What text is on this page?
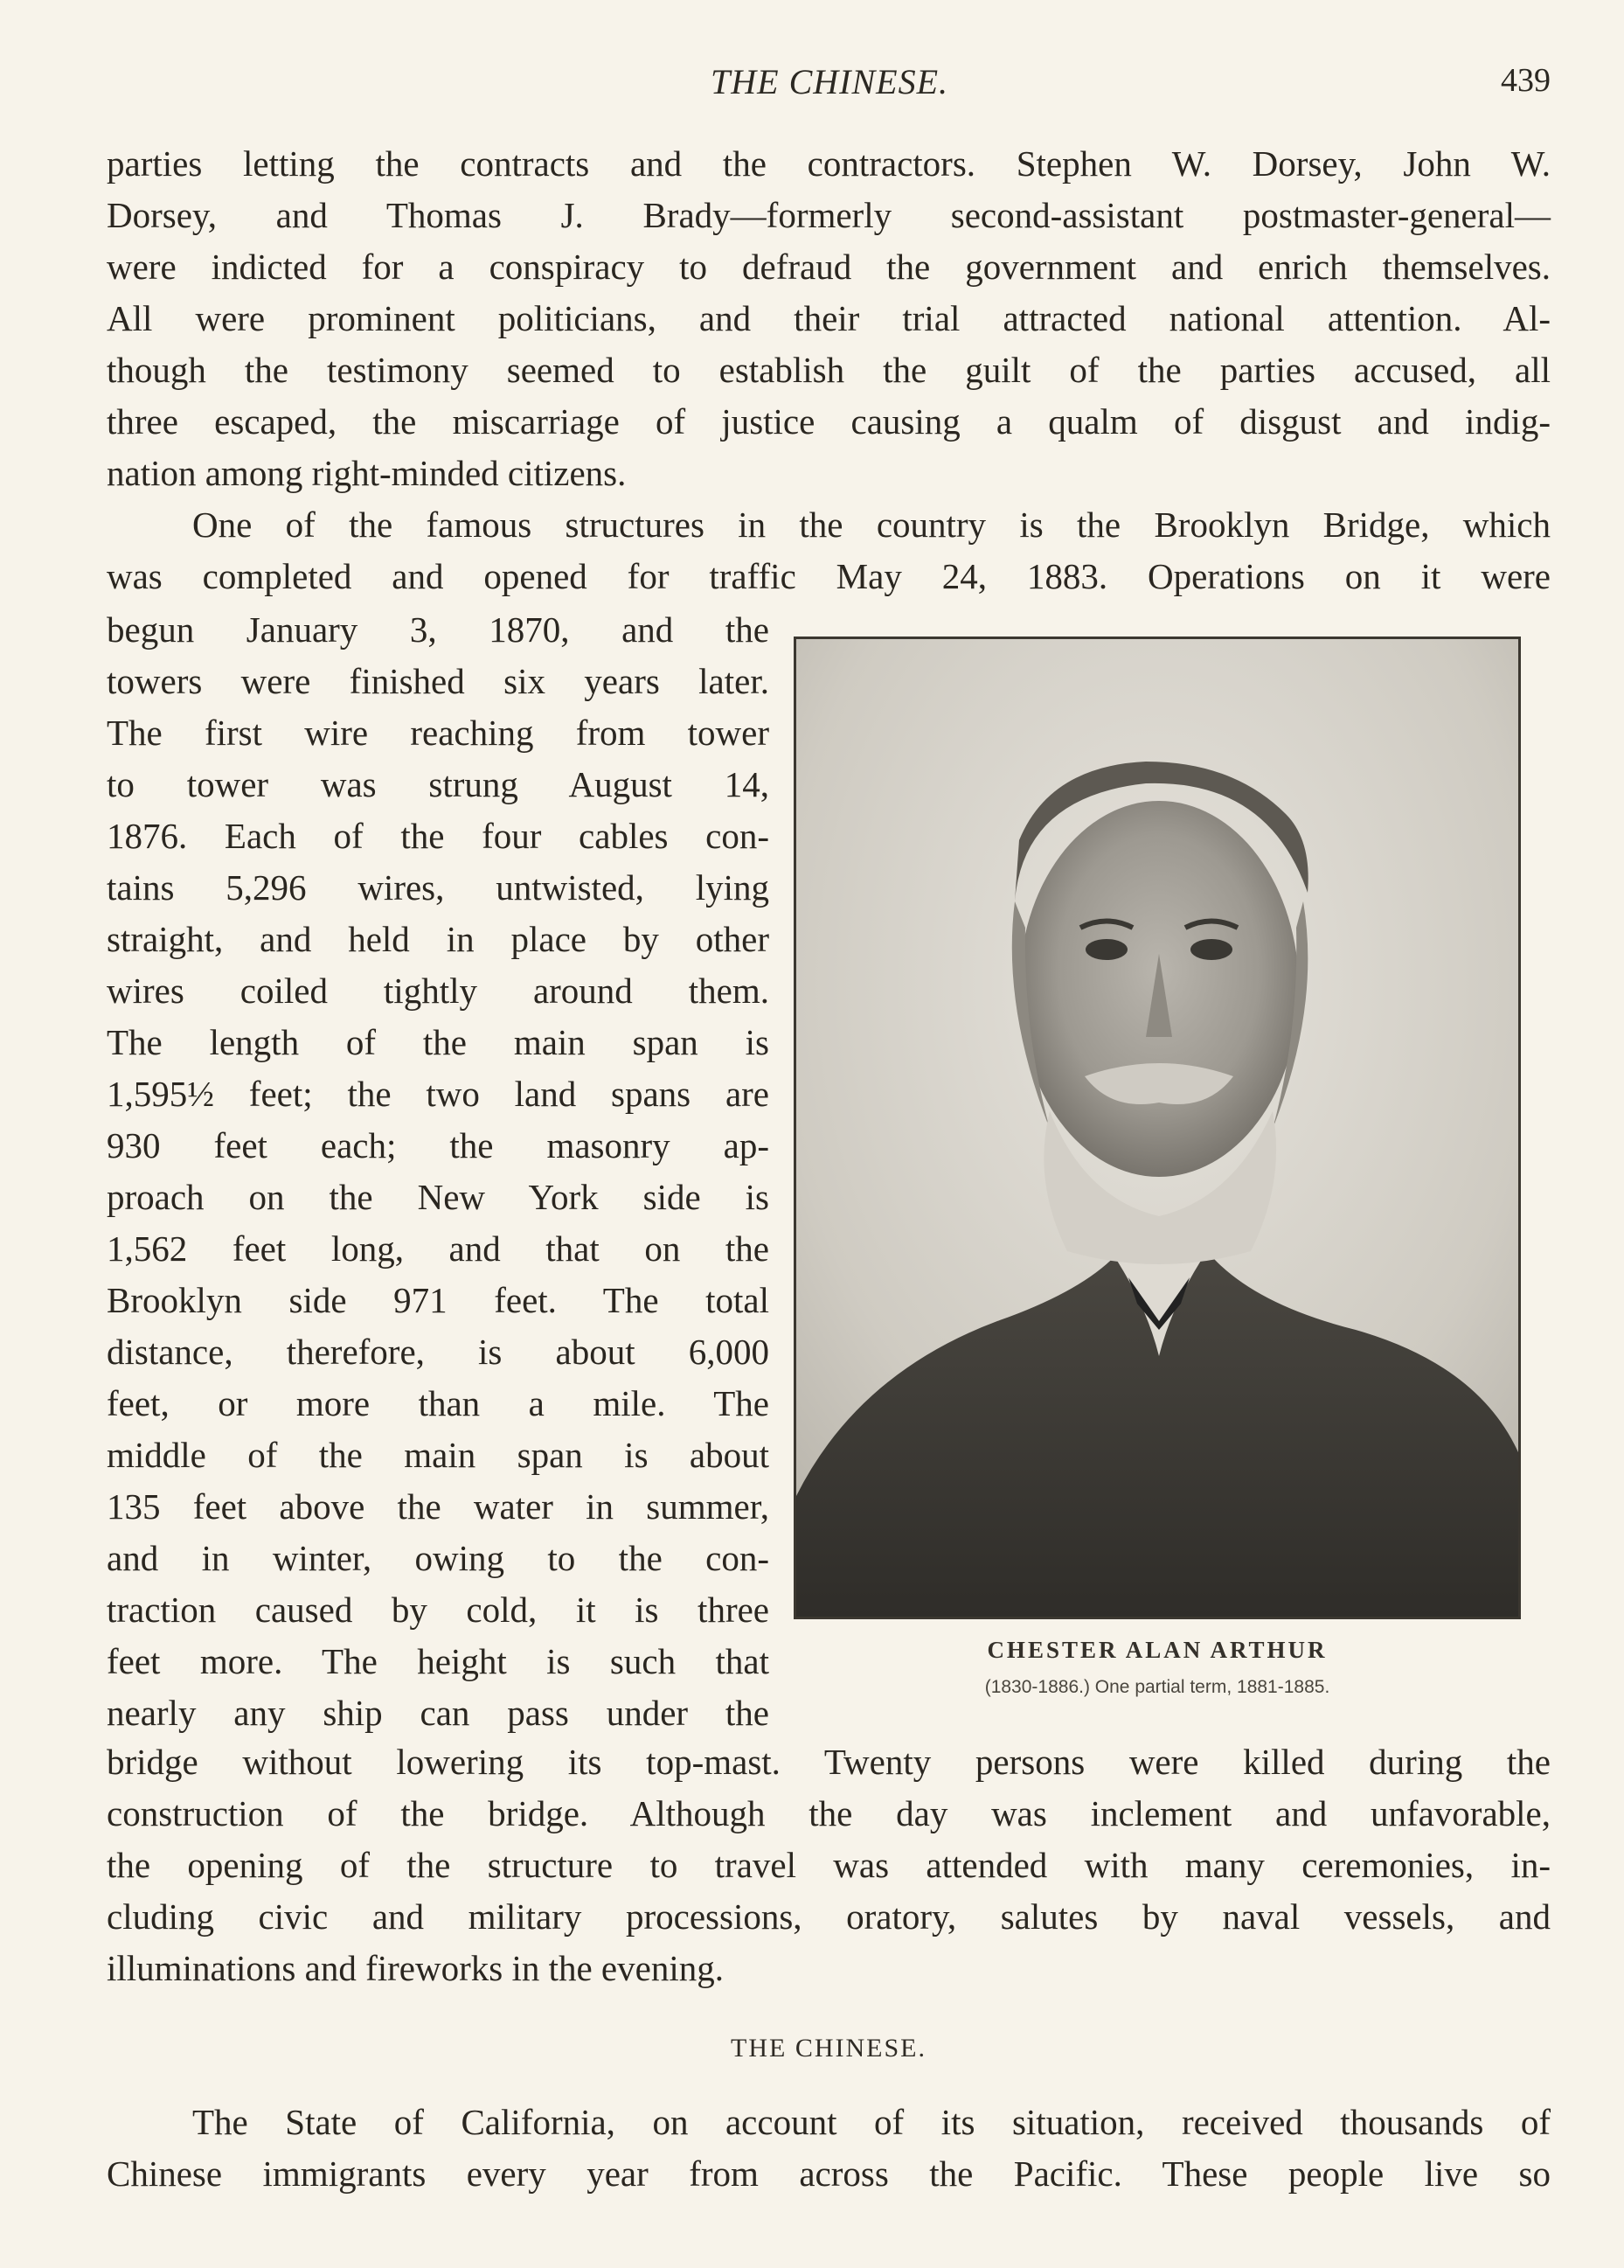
THE CHINESE.	439
parties letting the contracts and the contractors. Stephen W. Dorsey, John W.
Dorsey, and Thomas J. Brady—formerly second-assistant postmaster-general—
were indicted for a conspiracy to defraud the government and enrich themselves.
All were prominent politicians, and their trial attracted national attention. Al-
though the testimony seemed to establish the guilt of the parties accused, all
three escaped, the miscarriage of justice causing a qualm of disgust and indig-
nation among right-minded citizens.
One of the famous structures in the country is the Brooklyn Bridge, which
was completed and opened for traffic May 24, 1883. Operations on it were
begun January 3, 1870, and the
towers were finished six years later.
The first wire reaching from tower
to tower was strung August 14,
1876. Each of the four cables con-
tains 5,296 wires, untwisted, lying
straight, and held in place by other
wires coiled tightly around them.
The length of the main span is
1,595½ feet; the two land spans are
930 feet each; the masonry ap-
proach on the New York side is
1,562 feet long, and that on the
Brooklyn side 971 feet. The total
distance, therefore, is about 6,000
feet, or more than a mile. The
middle of the main span is about
135 feet above the water in summer,
and in winter, owing to the con-
traction caused by cold, it is three
feet more. The height is such that
nearly any ship can pass under the
CHESTER ALAN ARTHUR
(1830-1886.) One partial term, 1881-1885.
bridge without lowering its top-mast. Twenty persons were killed during the
construction of the bridge. Although the day was inclement and unfavorable,
the opening of the structure to travel was attended with many ceremonies, in-
cluding civic and military processions, oratory, salutes by naval vessels, and
illuminations and fireworks in the evening.
THE CHINESE.
The State of California, on account of its situation, received thousands of
Chinese immigrants every year from across the Pacific. These people live so
